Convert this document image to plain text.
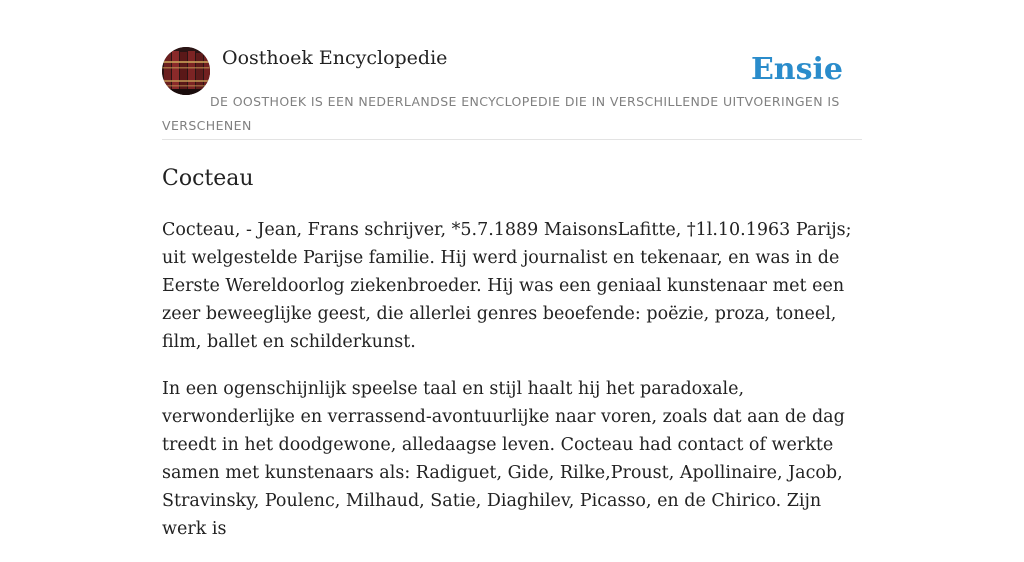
Oosthoek Encyclopedie	Ensie
DE OOSTHOEK IS EEN NEDERLANDSE ENCYCLOPEDIE DIE IN VERSCHILLENDE UITVOERINGEN IS VERSCHENEN
Cocteau

Cocteau, - Jean, Frans schrijver, *5.7.1889 MaisonsLafitte, †1l.10.1963 Parijs; uit welgestelde Parijse familie. Hij werd journalist en tekenaar, en was in de Eerste Wereldoorlog ziekenbroeder. Hij was een geniaal kunstenaar met een zeer beweeglijke geest, die allerlei genres beoefende: poëzie, proza, toneel, film, ballet en schilderkunst.

In een ogenschijnlijk speelse taal en stijl haalt hij het paradoxale, verwonderlijke en verrassend-avontuurlijke naar voren, zoals dat aan de dag treedt in het doodgewone, alledaagse leven. Cocteau had contact of werkte samen met kunstenaars als: Radiguet, Gide, Rilke,Proust, Apollinaire, Jacob, Stravinsky, Poulenc, Milhaud, Satie, Diaghilev, Picasso, en de Chirico. Zijn werk is
